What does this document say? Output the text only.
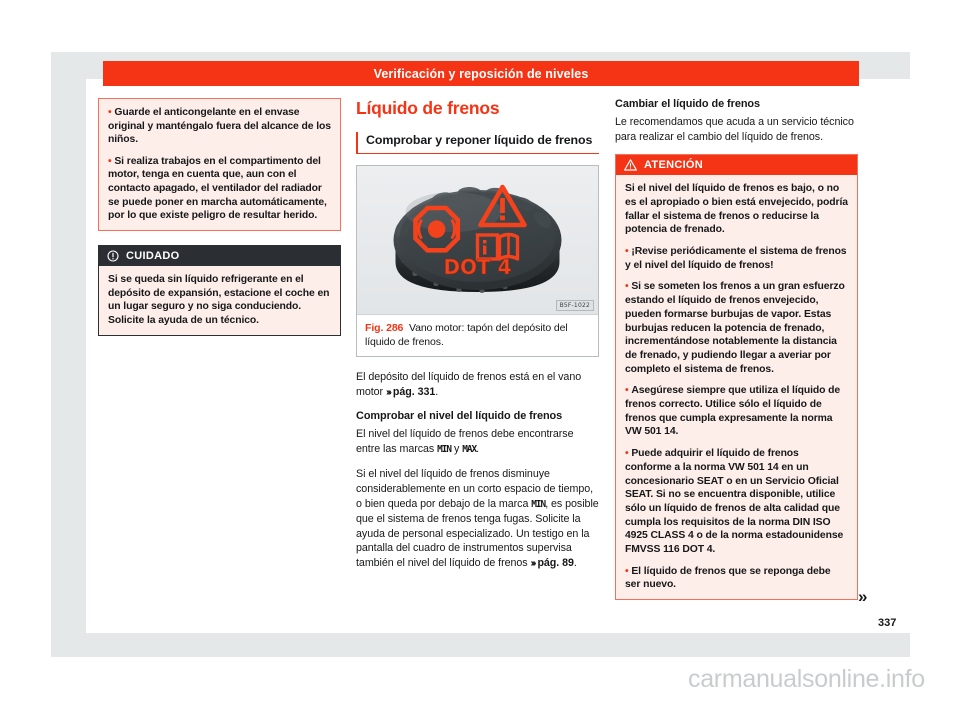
Verificación y reposición de niveles

• Guarde el anticongelante en el envase original y manténgalo fuera del alcance de los niños.

• Si realiza trabajos en el compartimento del motor, tenga en cuenta que, aun con el contacto apagado, el ventilador del radiador se puede poner en marcha automáticamente, por lo que existe peligro de resultar herido.

CUIDADO

Si se queda sin líquido refrigerante en el depósito de expansión, estacione el coche en un lugar seguro y no siga conduciendo. Solicite la ayuda de un técnico.

Líquido de frenos
Comprobar y reponer líquido de frenos
DOT 4
B5F-1022
Fig. 286 Vano motor: tapón del depósito del líquido de frenos.

El depósito del líquido de frenos está en el vano motor ››› pág. 331.

Comprobar el nivel del líquido de frenos

El nivel del líquido de frenos debe encontrarse entre las marcas MIN y MAX.

Si el nivel del líquido de frenos disminuye considerablemente en un corto espacio de tiempo, o bien queda por debajo de la marca MIN, es posible que el sistema de frenos tenga fugas. Solicite la ayuda de personal especializado. Un testigo en la pantalla del cuadro de instrumentos supervisa también el nivel del líquido de frenos ››› pág. 89.

Cambiar el líquido de frenos

Le recomendamos que acuda a un servicio técnico para realizar el cambio del líquido de frenos.

ATENCIÓN

Si el nivel del líquido de frenos es bajo, o no es el apropiado o bien está envejecido, podría fallar el sistema de frenos o reducirse la potencia de frenado.

• ¡Revise periódicamente el sistema de frenos y el nivel del líquido de frenos!

• Si se someten los frenos a un gran esfuerzo estando el líquido de frenos envejecido, pueden formarse burbujas de vapor. Estas burbujas reducen la potencia de frenado, incrementándose notablemente la distancia de frenado, y pudiendo llegar a averiar por completo el sistema de frenos.

• Asegúrese siempre que utiliza el líquido de frenos correcto. Utilice sólo el líquido de frenos que cumpla expresamente la norma VW 501 14.

• Puede adquirir el líquido de frenos conforme a la norma VW 501 14 en un concesionario SEAT o en un Servicio Oficial SEAT. Si no se encuentra disponible, utilice sólo un líquido de frenos de alta calidad que cumpla los requisitos de la norma DIN ISO 4925 CLASS 4 o de la norma estadounidense FMVSS 116 DOT 4.

• El líquido de frenos que se reponga debe ser nuevo.

»
337
carmanualsonline.info
